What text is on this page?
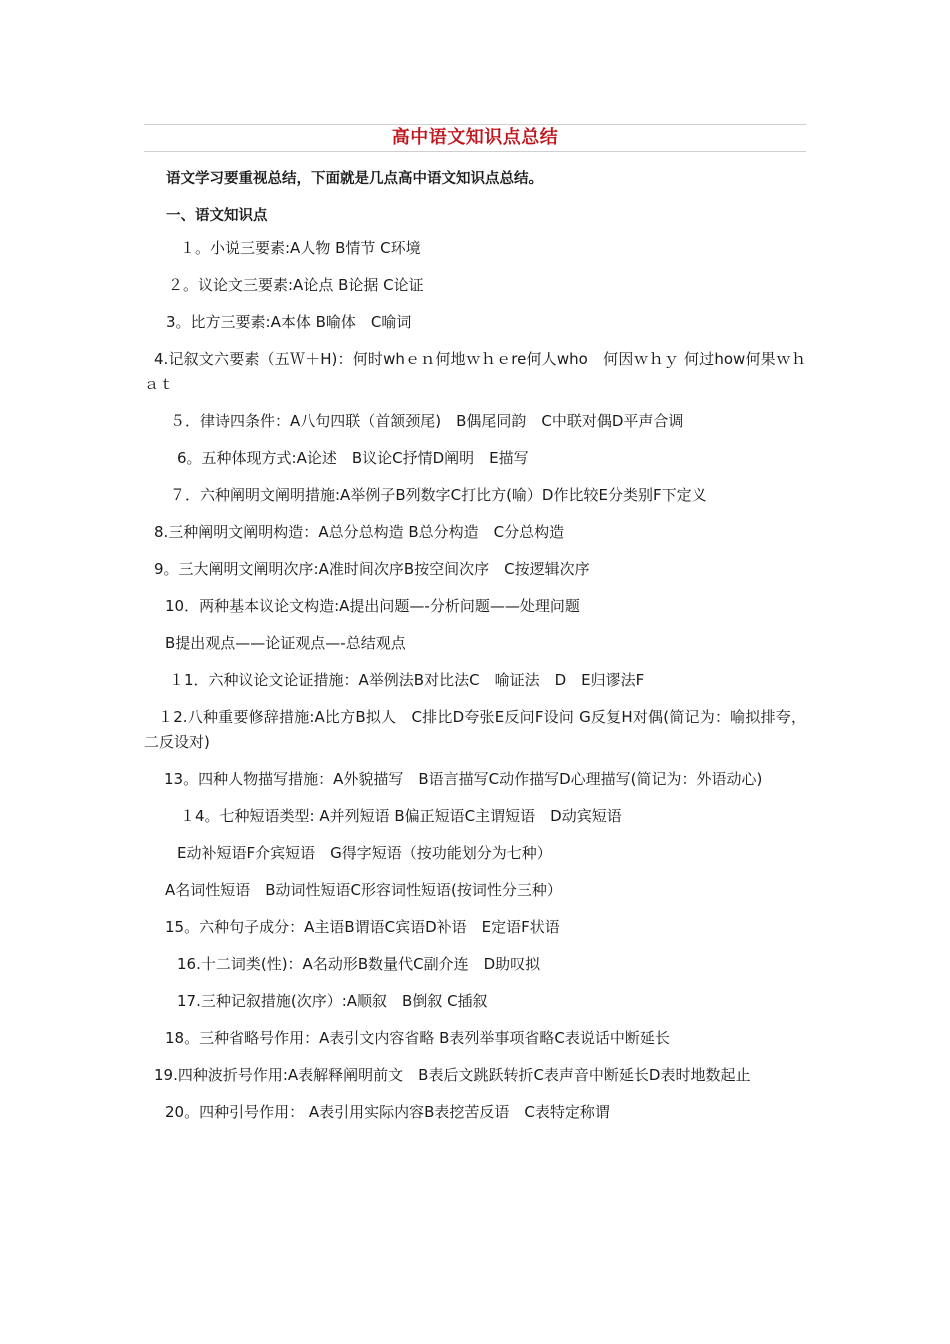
高中语文知识点总结
语文学习要重视总结，下面就是几点高中语文知识点总结。
一、语文知识点
１。小说三要素:A人物 B情节 C环境
２。议论文三要素:A论点 B论据 C论证
3。比方三要素:A本体 B喻体　C喻词
4.记叙文六要素（五Ｗ＋H)：何时whｅｎ何地ｗｈｅre何人who　何因ｗｈｙ 何过how何果ｗｈａｔ
５．律诗四条件：A八句四联（首颔颈尾)　B偶尾同韵　C中联对偶D平声合调
6。五种体现方式:A论述　B议论C抒情D阐明　E描写
７．六种阐明文阐明措施:A举例子B列数字C打比方(喻）D作比较E分类别F下定义
8.三种阐明文阐明构造：A总分总构造 B总分构造　C分总构造
9。三大阐明文阐明次序:A准时间次序B按空间次序　C按逻辑次序
10．两种基本议论文构造:A提出问题—-分析问题——处理问题
B提出观点——论证观点—-总结观点
１1．六种议论文论证措施：A举例法B对比法C　喻证法　D　E归谬法F
１2.八种重要修辞措施:A比方B拟人　C排比D夸张E反问F设问 G反复H对偶(简记为：喻拟排夸，二反设对)
13。四种人物描写措施：A外貌描写　B语言描写C动作描写D心理描写(简记为：外语动心)
１4。七种短语类型: A并列短语 B偏正短语C主谓短语　D动宾短语
E动补短语F介宾短语　G得字短语（按功能划分为七种）
A名词性短语　B动词性短语C形容词性短语(按词性分三种）
15。六种句子成分：A主语B谓语C宾语D补语　E定语F状语
16.十二词类(性)：A名动形B数量代C副介连　D助叹拟
17.三种记叙措施(次序）:A顺叙　B倒叙 C插叙
18。三种省略号作用：A表引文内容省略 B表列举事项省略C表说话中断延长
19.四种波折号作用:A表解释阐明前文　B表后文跳跃转折C表声音中断延长D表时地数起止
20。四种引号作用： A表引用实际内容B表挖苦反语　C表特定称谓
